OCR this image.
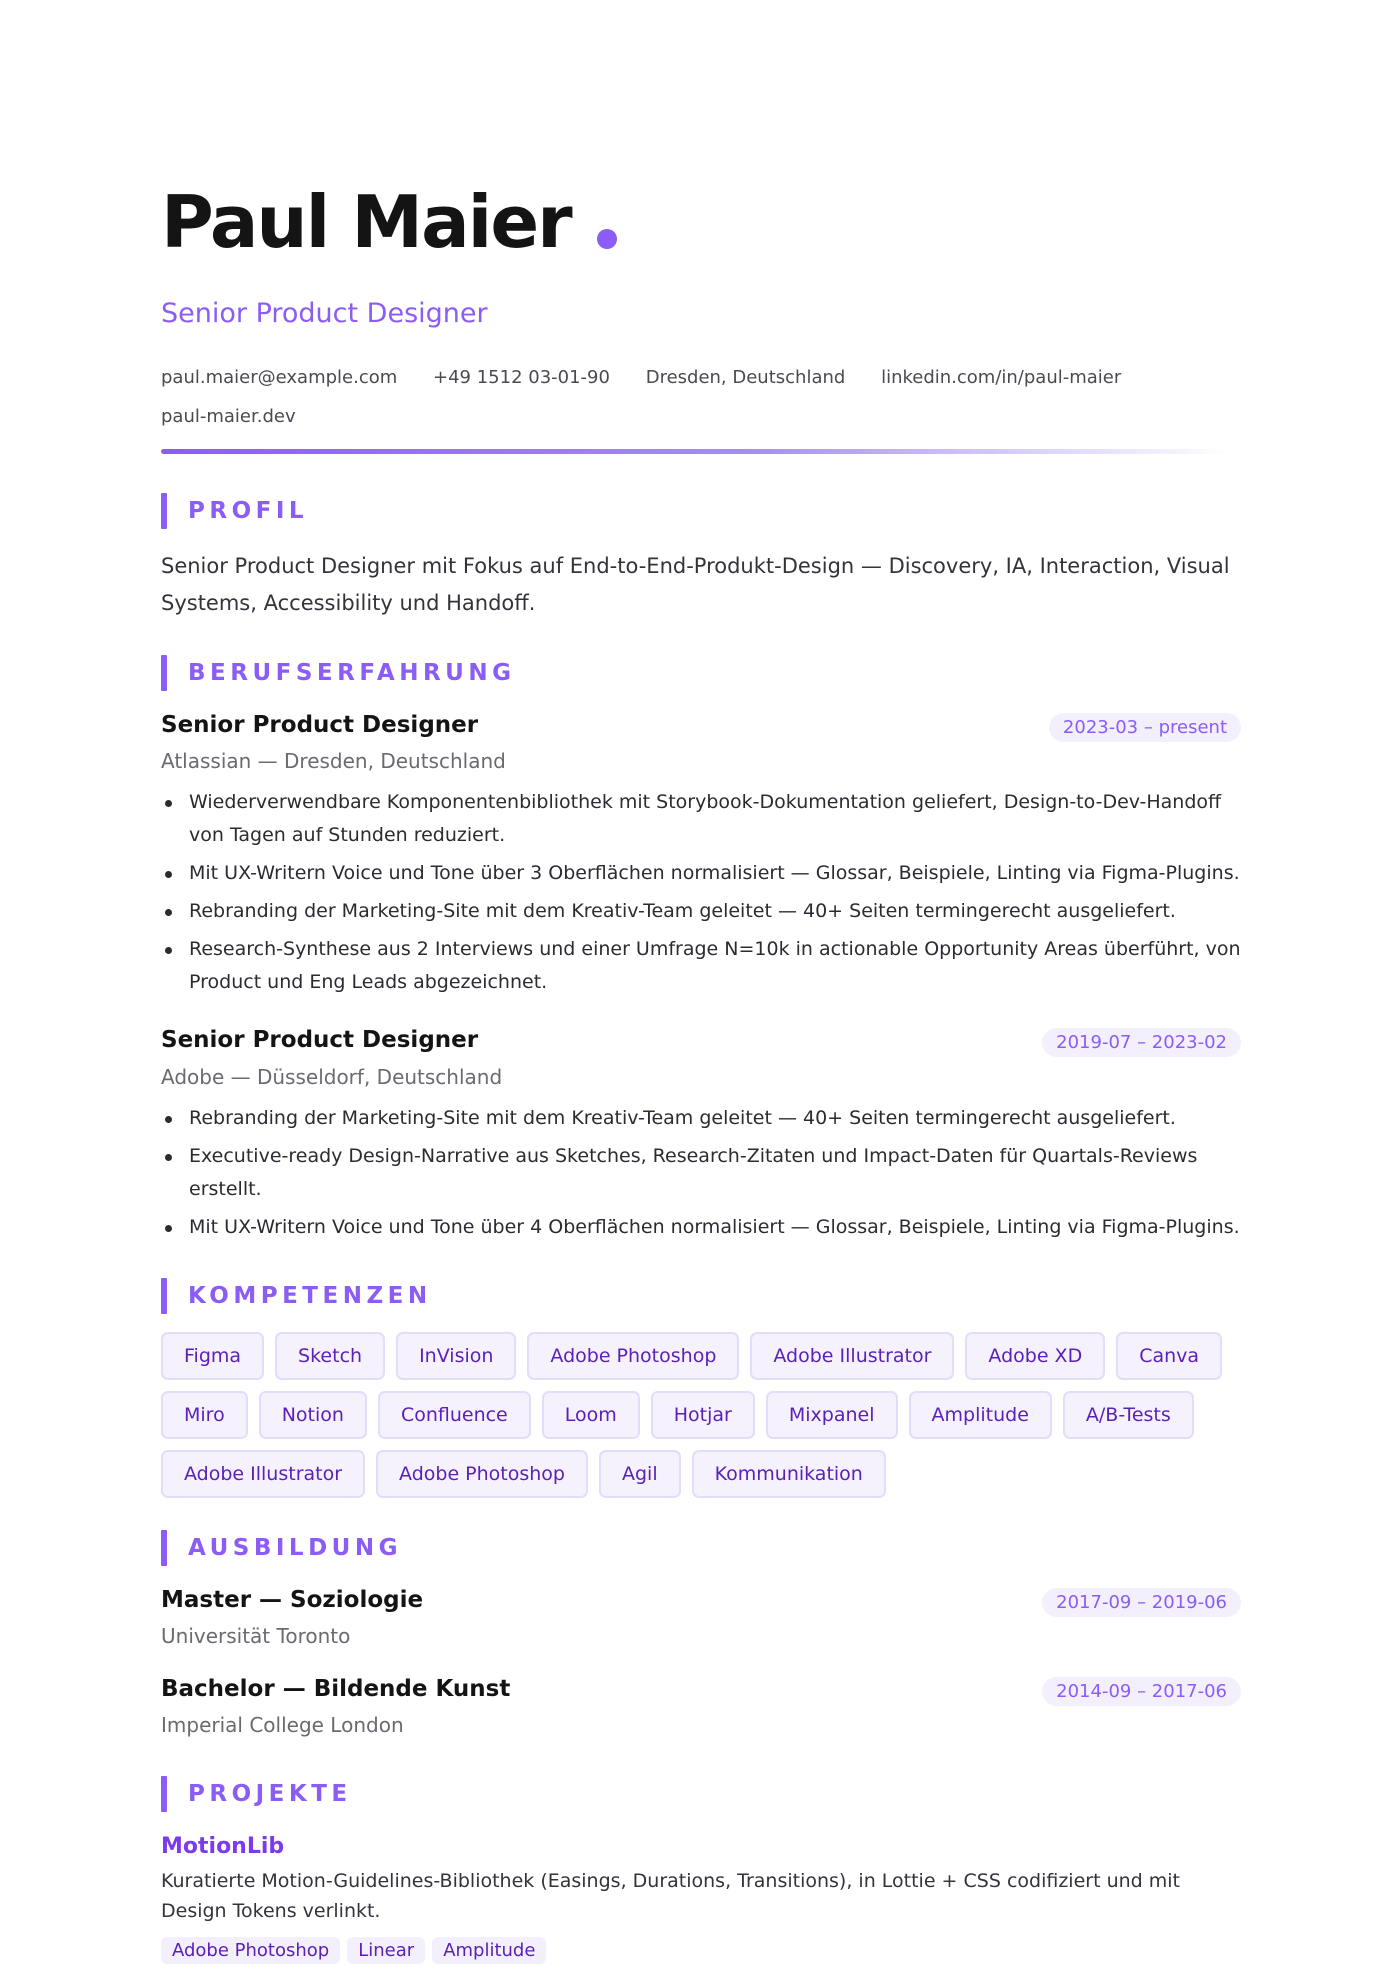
Paul Maier
Senior Product Designer
paul.maier@example.com +49 1512 03-01-90 Dresden, Deutschland linkedin.com/in/paul-maier
paul-maier.dev
PROFIL
Senior Product Designer mit Fokus auf End-to-End-Produkt-Design — Discovery, IA, Interaction, Visual Systems, Accessibility und Handoff.
BERUFSERFAHRUNG
Senior Product Designer	2023-03 – present
Atlassian — Dresden, Deutschland
Wiederverwendbare Komponentenbibliothek mit Storybook-Dokumentation geliefert, Design-to-Dev-Handoff von Tagen auf Stunden reduziert.
Mit UX-Writern Voice und Tone über 3 Oberflächen normalisiert — Glossar, Beispiele, Linting via Figma-Plugins.
Rebranding der Marketing-Site mit dem Kreativ-Team geleitet — 40+ Seiten termingerecht ausgeliefert.
Research-Synthese aus 2 Interviews und einer Umfrage N=10k in actionable Opportunity Areas überführt, von Product und Eng Leads abgezeichnet.
Senior Product Designer	2019-07 – 2023-02
Adobe — Düsseldorf, Deutschland
Rebranding der Marketing-Site mit dem Kreativ-Team geleitet — 40+ Seiten termingerecht ausgeliefert.
Executive-ready Design-Narrative aus Sketches, Research-Zitaten und Impact-Daten für Quartals-Reviews erstellt.
Mit UX-Writern Voice und Tone über 4 Oberflächen normalisiert — Glossar, Beispiele, Linting via Figma-Plugins.
KOMPETENZEN
Figma	Sketch	InVision	Adobe Photoshop	Adobe Illustrator	Adobe XD	Canva
Miro	Notion	Confluence	Loom	Hotjar	Mixpanel	Amplitude	A/B-Tests
Adobe Illustrator	Adobe Photoshop	Agil	Kommunikation
AUSBILDUNG
Master — Soziologie	2017-09 – 2019-06
Universität Toronto
Bachelor — Bildende Kunst	2014-09 – 2017-06
Imperial College London
PROJEKTE
MotionLib
Kuratierte Motion-Guidelines-Bibliothek (Easings, Durations, Transitions), in Lottie + CSS codifiziert und mit Design Tokens verlinkt.
Adobe Photoshop	Linear	Amplitude
